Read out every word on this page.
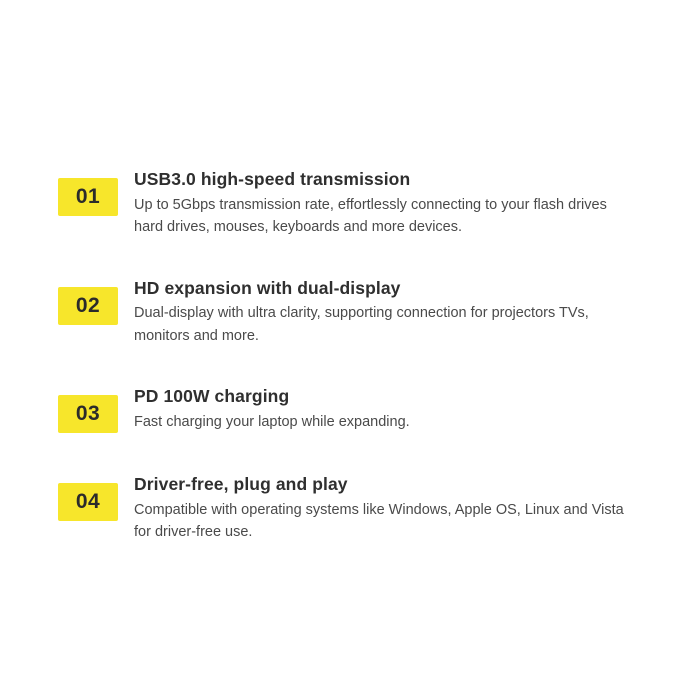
01
USB3.0 high-speed transmission
Up to 5Gbps transmission rate, effortlessly connecting to your flash drives hard drives, mouses, keyboards and more devices.
02
HD expansion with dual-display
Dual-display with ultra clarity, supporting connection for projectors TVs, monitors and more.
03
PD 100W charging
Fast charging your laptop while expanding.
04
Driver-free, plug and play
Compatible with operating systems like Windows, Apple OS, Linux and Vista for driver-free use.
